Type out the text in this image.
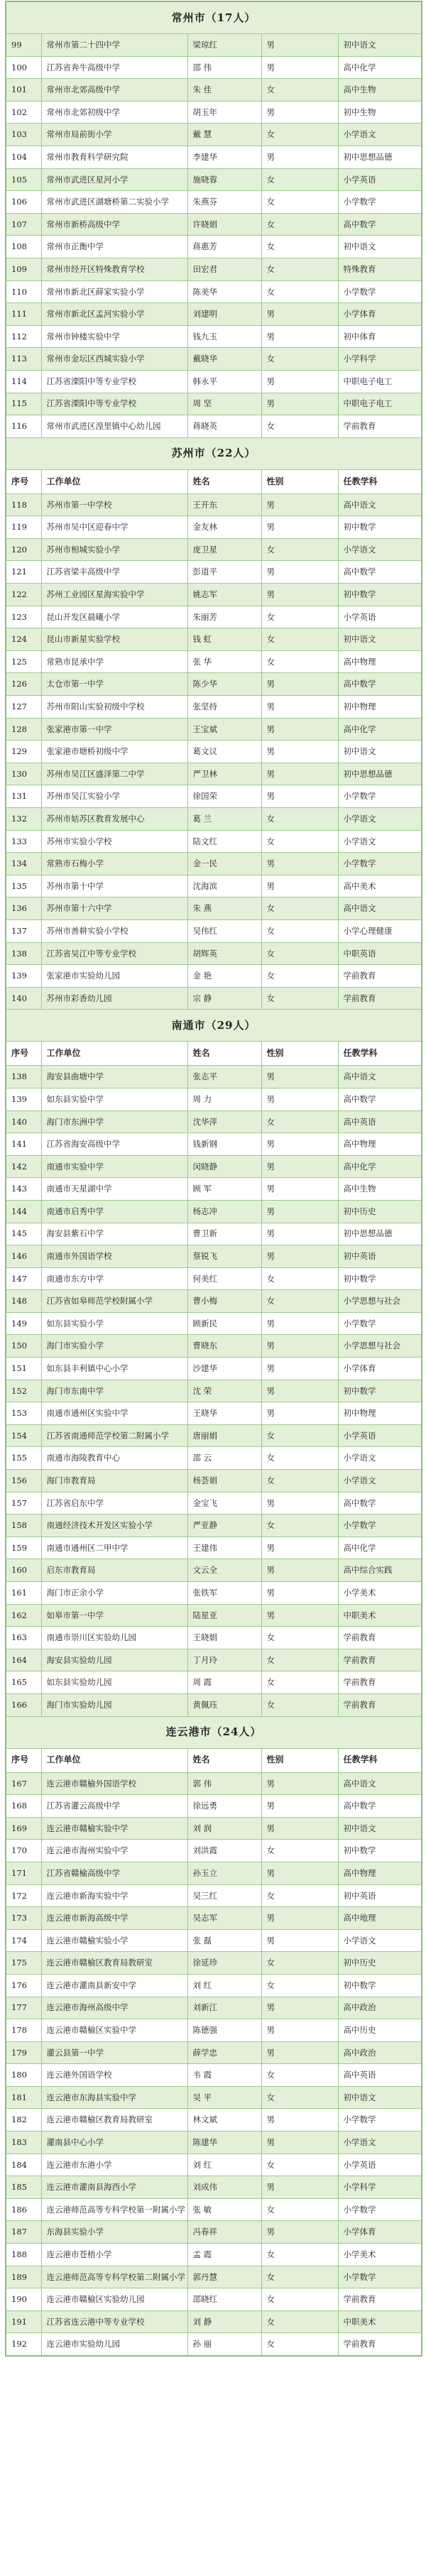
常州市（17人）				
99	常州市第二十四中学	梁琼红	男	初中语文
100	江苏省奔牛高级中学	邵 伟	男	高中化学
101	常州市北郊高级中学	朱 佳	女	高中生物
102	常州市北郊初级中学	胡玉年	男	初中生物
103	常州市局前街小学	戴 慧	女	小学语文
104	常州市教育科学研究院	李建华	男	初中思想品德
105	常州市武进区星河小学	施晓蓉	女	小学英语
106	常州市武进区湖塘桥第二实验小学	朱燕芬	女	小学数学
107	常州市新桥高级中学	许晓娟	女	高中数学
108	常州市正衡中学	蒋惠芳	女	初中语文
109	常州市经开区特殊教育学校	田宏君	女	特殊教育
110	常州市新北区薛家实验小学	陈美华	女	小学数学
111	常州市新北区孟河实验小学	刘建明	男	小学体育
112	常州市钟楼实验中学	钱九玉	男	初中体育
113	常州市金坛区西城实验小学	戴晓华	女	小学科学
114	江苏省溧阳中等专业学校	韩永平	男	中职电子电工
115	江苏省溧阳中等专业学校	周 坚	男	中职电子电工
116	常州市武进区湟里镇中心幼儿园	蒋晓英	女	学前教育
苏州市（22人）				
序号	工作单位	姓名	性别	任教学科
118	苏州市第一中学校	王开东	男	高中语文
119	苏州市吴中区迎春中学	金友林	男	初中数学
120	苏州市相城实验小学	庞卫星	女	小学语文
121	江苏省梁丰高级中学	彭道平	男	高中数学
122	苏州工业园区星海实验中学	姚志军	男	初中数学
123	昆山开发区晨曦小学	朱丽芳	女	小学英语
124	昆山市新星实验学校	钱 虹	女	初中语文
125	常熟市昆承中学	张 华	女	高中物理
126	太仓市第一中学	陈少华	男	高中数学
127	苏州市阳山实验初级中学校	张坚持	男	初中物理
128	张家港市第一中学	王宝斌	男	高中化学
129	张家港市塘桥初级中学	葛文议	男	初中语文
130	苏州市吴江区盛泽第二中学	严卫林	男	初中思想品德
131	苏州市吴江实验小学	徐国荣	男	小学数学
132	苏州市姑苏区教育发展中心	葛 兰	女	小学语文
133	苏州市实验小学校	陆文红	女	小学语文
134	常熟市石梅小学	金一民	男	小学数学
135	苏州市第十中学	沈海滨	男	高中美术
136	苏州市第十六中学	朱 燕	女	高中语文
137	苏州市善耕实验小学校	吴伟红	女	小学心理健康
138	江苏省吴江中等专业学校	胡辉英	女	中职英语
139	张家港市实验幼儿园	金 艳	女	学前教育
140	苏州市彩香幼儿园	宗 静	女	学前教育
南通市（29人）				
序号	工作单位	姓名	性别	任教学科
138	海安县曲塘中学	张志平	男	高中语文
139	如东县实验中学	周 力	男	高中数学
140	海门市东洲中学	沈华萍	女	高中英语
141	江苏省海安高级中学	钱新钢	男	高中物理
142	南通市实验中学	闵晓静	男	高中化学
143	南通市天星湖中学	顾 军	男	高中生物
144	南通市启秀中学	杨志冲	男	初中历史
145	海安县紫石中学	曹卫新	男	初中思想品德
146	南通市外国语学校	蔡锐飞	男	初中英语
147	南通市东方中学	何美红	女	初中数学
148	江苏省如皋师范学校附属小学	曹小梅	女	小学思想与社会
149	如东县实验小学	顾新民	男	小学数学
150	海门市实验小学	曹晓东	男	小学思想与社会
151	如东县丰利镇中心小学	沙建华	男	小学体育
152	海门市东南中学	沈 荣	男	初中数学
153	南通市通州区实验中学	王晓华	男	初中物理
154	江苏省南通师范学校第二附属小学	唐丽娟	女	小学英语
155	南通市海陵教育中心	邵 云	女	小学语文
156	海门市教育局	杨荟娟	女	小学语文
157	江苏省启东中学	金宝飞	男	高中数学
158	南通经济技术开发区实验小学	严亚静	女	小学数学
159	南通市通州区二甲中学	王建伟	男	高中化学
160	启东市教育局	文云全	男	高中综合实践
161	海门市正余小学	张铁军	男	小学美术
162	如皋市第一中学	陆星亚	男	中职美术
163	南通市崇川区实验幼儿园	王晓娟	女	学前教育
164	海安县实验幼儿园	丁月玲	女	学前教育
165	如东县实验幼儿园	周 霞	女	学前教育
166	海门市实验幼儿园	黄佩珏	女	学前教育
连云港市（24人）				
序号	工作单位	姓名	性别	任教学科
167	连云港市赣榆外国语学校	郭 伟	男	高中语文
168	江苏省灌云高级中学	徐远勇	男	高中数学
169	连云港市赣榆实验中学	刘 润	男	初中语文
170	连云港市海州实验中学	刘洪霞	女	初中数学
171	江苏省赣榆高级中学	孙玉立	男	高中物理
172	连云港市新海实验中学	吴三红	女	初中英语
173	连云港市新海高级中学	吴志军	男	高中地理
174	连云港市赣榆实验小学	张 磊	男	小学语文
175	连云港市赣榆区教育局教研室	徐延珍	女	初中历史
176	连云港市灌南县新安中学	刘 红	女	初中数学
177	连云港市海州高级中学	刘新江	男	高中政治
178	连云港市赣榆区实验中学	陈德强	男	高中历史
179	灌云县第一中学	薛学忠	男	高中政治
180	连云港外国语学校	韦 霞	女	高中英语
181	连云港市东海县实验中学	吴 平	女	初中语文
182	连云港市赣榆区教育局教研室	林文斌	男	小学数学
183	灌南县中心小学	陈建华	男	小学语文
184	连云港市东港小学	刘 红	女	小学英语
185	连云港市灌南县海西小学	刘成伟	男	小学科学
186	连云港师范高等专科学校第一附属小学	张 敏	女	小学数学
187	东海县实验小学	冯春祥	男	小学体育
188	连云港市苍梧小学	孟 霞	女	小学美术
189	连云港师范高等专科学校第二附属小学	郭丹慧	女	小学数学
190	连云港市赣榆区实验幼儿园	邵晓红	女	学前教育
191	江苏省连云港中等专业学校	刘 静	女	中职美术
192	连云港市实验幼儿园	孙 丽	女	学前教育
